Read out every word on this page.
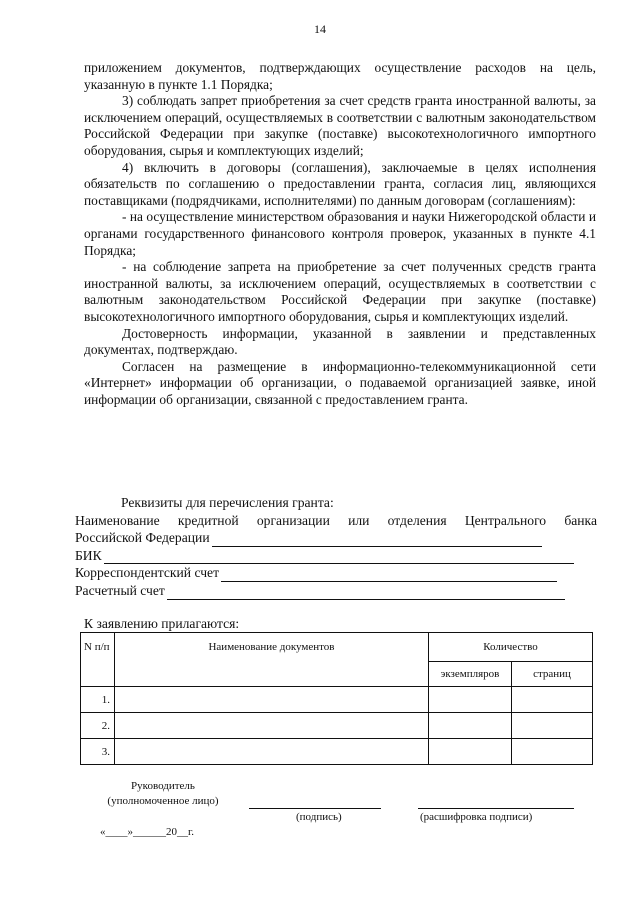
14

приложением документов, подтверждающих осуществление расходов на цель, указанную в пункте 1.1 Порядка;

3) соблюдать запрет приобретения за счет средств гранта иностранной валюты, за исключением операций, осуществляемых в соответствии с валютным законодательством Российской Федерации при закупке (поставке) высокотехнологичного импортного оборудования, сырья и комплектующих изделий;

4) включить в договоры (соглашения), заключаемые в целях исполнения обязательств по соглашению о предоставлении гранта, согласия лиц, являющихся поставщиками (подрядчиками, исполнителями) по данным договорам (соглашениям):

- на осуществление министерством образования и науки Нижегородской области и органами государственного финансового контроля проверок, указанных в пункте 4.1 Порядка;

- на соблюдение запрета на приобретение за счет полученных средств гранта иностранной валюты, за исключением операций, осуществляемых в соответствии с валютным законодательством Российской Федерации при закупке (поставке) высокотехнологичного импортного оборудования, сырья и комплектующих изделий.

Достоверность информации, указанной в заявлении и представленных документах, подтверждаю.

Согласен на размещение в информационно-телекоммуникационной сети «Интернет» информации об организации, о подаваемой организацией заявке, иной информации об организации, связанной с предоставлением гранта.

Реквизиты для перечисления гранта:

Наименование кредитной организации или отделения Центрального банка

Российской Федерации
БИК
Корреспондентский счет
Расчетный счет
К заявлению прилагаются:
N п/п	Наименование документов	Количество	
		экземпляров	страниц
1.			
2.			
3.			
Руководитель
(уполномоченное лицо)
(подпись)	(расшифровка подписи)
«____»______20__г.
